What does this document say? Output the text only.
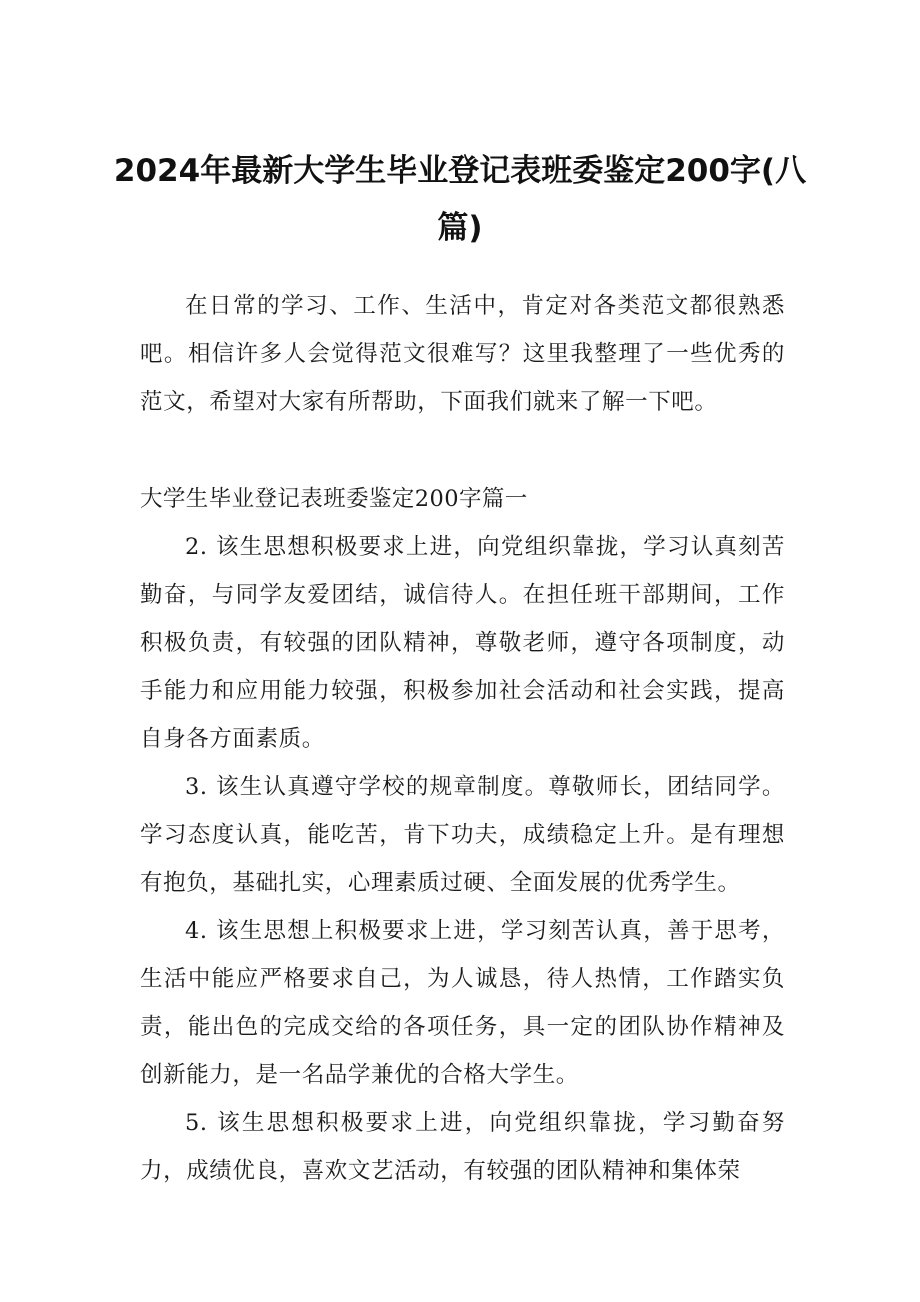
2024年最新大学生毕业登记表班委鉴定200字(八篇)

在日常的学习、工作、生活中，肯定对各类范文都很熟悉吧。相信许多人会觉得范文很难写？这里我整理了一些优秀的范文，希望对大家有所帮助，下面我们就来了解一下吧。

大学生毕业登记表班委鉴定200字篇一

2. 该生思想积极要求上进，向党组织靠拢，学习认真刻苦勤奋，与同学友爱团结，诚信待人。在担任班干部期间，工作积极负责，有较强的团队精神，尊敬老师，遵守各项制度，动手能力和应用能力较强，积极参加社会活动和社会实践，提高自身各方面素质。

3. 该生认真遵守学校的规章制度。尊敬师长，团结同学。学习态度认真，能吃苦，肯下功夫，成绩稳定上升。是有理想有抱负，基础扎实，心理素质过硬、全面发展的优秀学生。

4. 该生思想上积极要求上进，学习刻苦认真，善于思考，生活中能应严格要求自己，为人诚恳，待人热情，工作踏实负责，能出色的完成交给的各项任务，具一定的团队协作精神及创新能力，是一名品学兼优的合格大学生。

5. 该生思想积极要求上进，向党组织靠拢，学习勤奋努力，成绩优良，喜欢文艺活动，有较强的团队精神和集体荣
